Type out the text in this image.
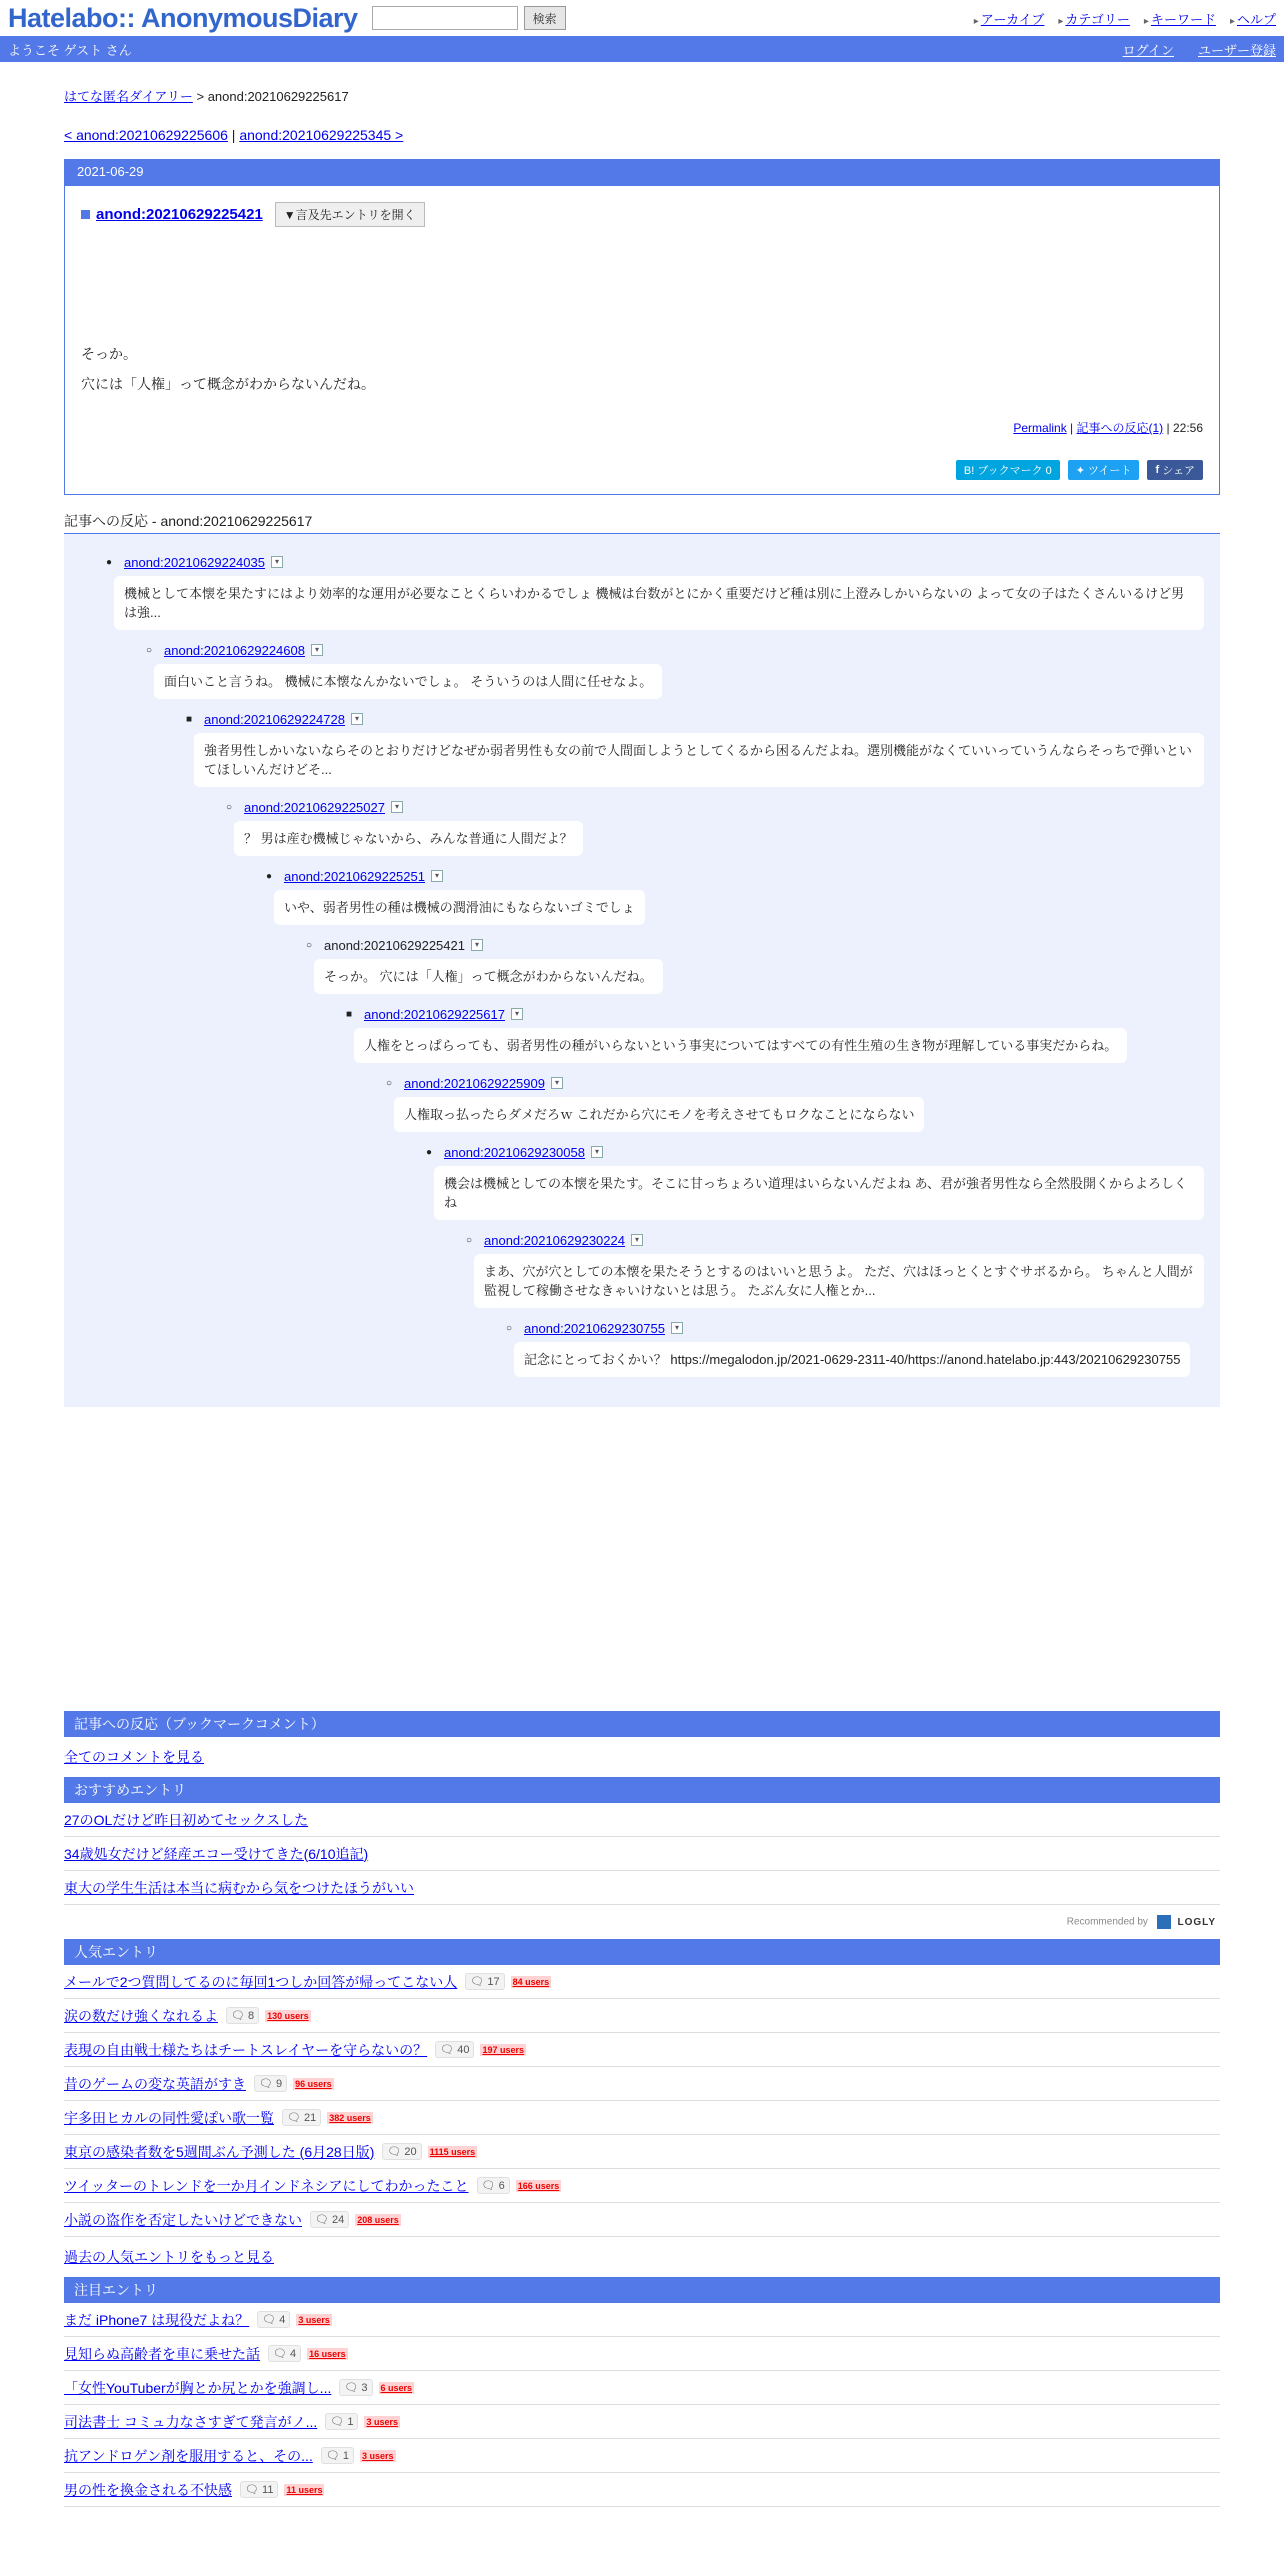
Hatelabo:: AnonymousDiary	検索	▸ アーカイブ	▸ カテゴリー	▸ キーワード	▸ ヘルプ
ようこそ ゲスト さん	ログイン ユーザー登録
はてな匿名ダイアリー > anond:20210629225617
< anond:20210629225606 | anond:20210629225345 >
2021-06-29
anond:20210629225421	▼言及先エントリを開く
そっか。
穴には「人権」って概念がわからないんだね。
Permalink | 記事への反応(1) | 22:56
B! ブックマーク 0	✦ ツイート f シェア
記事への反応 - anond:20210629225617
● anond:20210629224035	▾
機械として本懐を果たすにはより効率的な運用が必要なことくらいわかるでしょ 機械は台数がとにかく重要だけど種は別に上澄みしかいらないの よって女の子はたくさんいるけど男は強...
○ anond:20210629224608	▾
面白いこと言うね。 機械に本懐なんかないでしょ。 そういうのは人間に任せなよ。
■ anond:20210629224728	▾
強者男性しかいないならそのとおりだけどなぜか弱者男性も女の前で人間面しようとしてくるから困るんだよね。選別機能がなくていいっていうんならそっちで弾いといてほしいんだけどそ...
○ anond:20210629225027	▾
？ 男は産む機械じゃないから、みんな普通に人間だよ？
● anond:20210629225251	▾
いや、弱者男性の種は機械の潤滑油にもならないゴミでしょ
○ anond:20210629225421	▾
そっか。 穴には「人権」って概念がわからないんだね。
■ anond:20210629225617	▾
人権をとっぱらっても、弱者男性の種がいらないという事実についてはすべての有性生殖の生き物が理解している事実だからね。
○ anond:20210629225909	▾
人権取っ払ったらダメだろｗ これだから穴にモノを考えさせてもロクなことにならない
● anond:20210629230058	▾
機会は機械としての本懐を果たす。そこに甘っちょろい道理はいらないんだよね あ、君が強者男性なら全然股開くからよろしくね
○ anond:20210629230224	▾
まあ、穴が穴としての本懐を果たそうとするのはいいと思うよ。 ただ、穴はほっとくとすぐサボるから。 ちゃんと人間が監視して稼働させなきゃいけないとは思う。 たぶん女に人権とか...
○ anond:20210629230755	▾
記念にとっておくかい？ https://megalodon.jp/2021-0629-2311-40/https://anond.hatelabo.jp:443/20210629230755
記事への反応（ブックマークコメント）
全てのコメントを見る
おすすめエントリ
27のOLだけど昨日初めてセックスした
34歳処女だけど経産エコー受けてきた(6/10追記)
東大の学生生活は本当に病むから気をつけたほうがいい
Recommended by	LOGLY
人気エントリ
メールで2つ質問してるのに毎回1つしか回答が帰ってこない人	🗨 17	84 users
涙の数だけ強くなれるよ	🗨 8	130 users
表現の自由戦士様たちはチートスレイヤーを守らないの？	🗨 40	197 users
昔のゲームの変な英語がすき	🗨 9	96 users
宇多田ヒカルの同性愛ぽい歌一覧	🗨 21	382 users
東京の感染者数を5週間ぶん予測した (6月28日版)	🗨 20	1115 users
ツイッターのトレンドを一か月インドネシアにしてわかったこと	🗨 6	166 users
小説の盗作を否定したいけどできない	🗨 24	208 users
過去の人気エントリをもっと見る
注目エントリ
まだ iPhone7 は現役だよね？	🗨 4	3 users
見知らぬ高齢者を車に乗せた話	🗨 4	16 users
「女性YouTuberが胸とか尻とかを強調し...	🗨 3	6 users
司法書士 コミュ力なさすぎて発言がノ...	🗨 1	3 users
抗アンドロゲン剤を服用すると、その...	🗨 1	3 users
男の性を換金される不快感	🗨 11	11 users
